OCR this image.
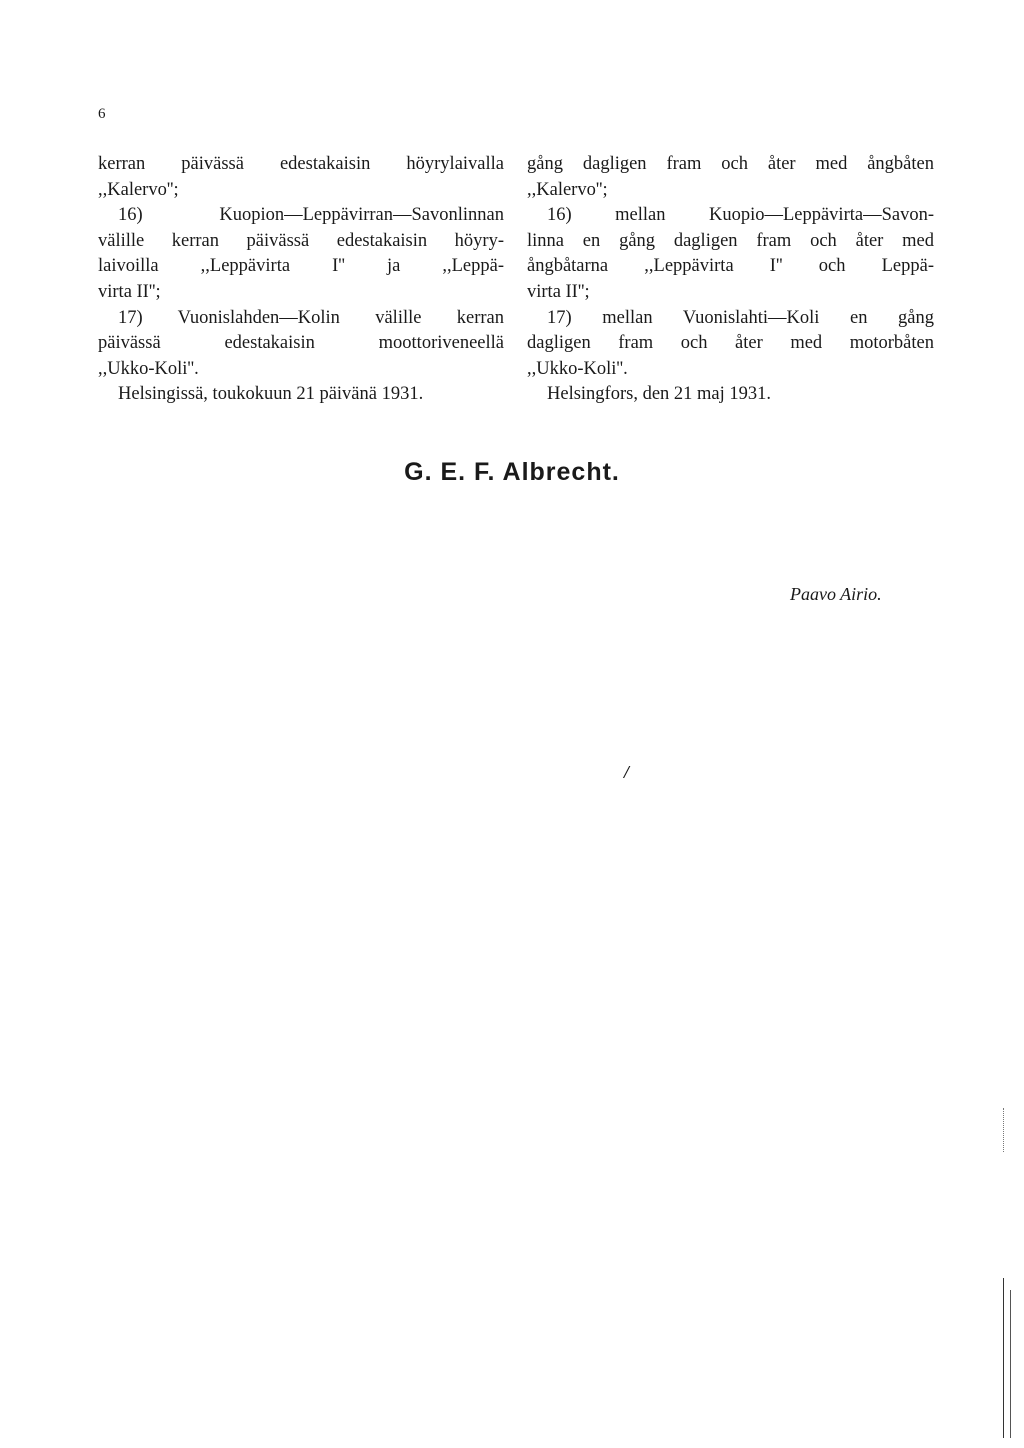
6
kerran päivässä edestakaisin höyrylaivalla
,,Kalervo'';
16) Kuopion—Leppävirran—Savonlinnan
välille kerran päivässä edestakaisin höyry-
laivoilla ,,Leppävirta I'' ja ,,Leppä-
virta II'';
17) Vuonislahden—Kolin välille kerran
päivässä edestakaisin moottoriveneellä
,,Ukko-Koli''.
Helsingissä, toukokuun 21 päivänä 1931.
gång dagligen fram och åter med ångbåten
,,Kalervo'';
16) mellan Kuopio—Leppävirta—Savon-
linna en gång dagligen fram och åter med
ångbåtarna ,,Leppävirta I'' och Leppä-
virta II'';
17) mellan Vuonislahti—Koli en gång
dagligen fram och åter med motorbåten
,,Ukko-Koli''.
Helsingfors, den 21 maj 1931.
G. E. F. Albrecht.
Paavo Airio.
/
